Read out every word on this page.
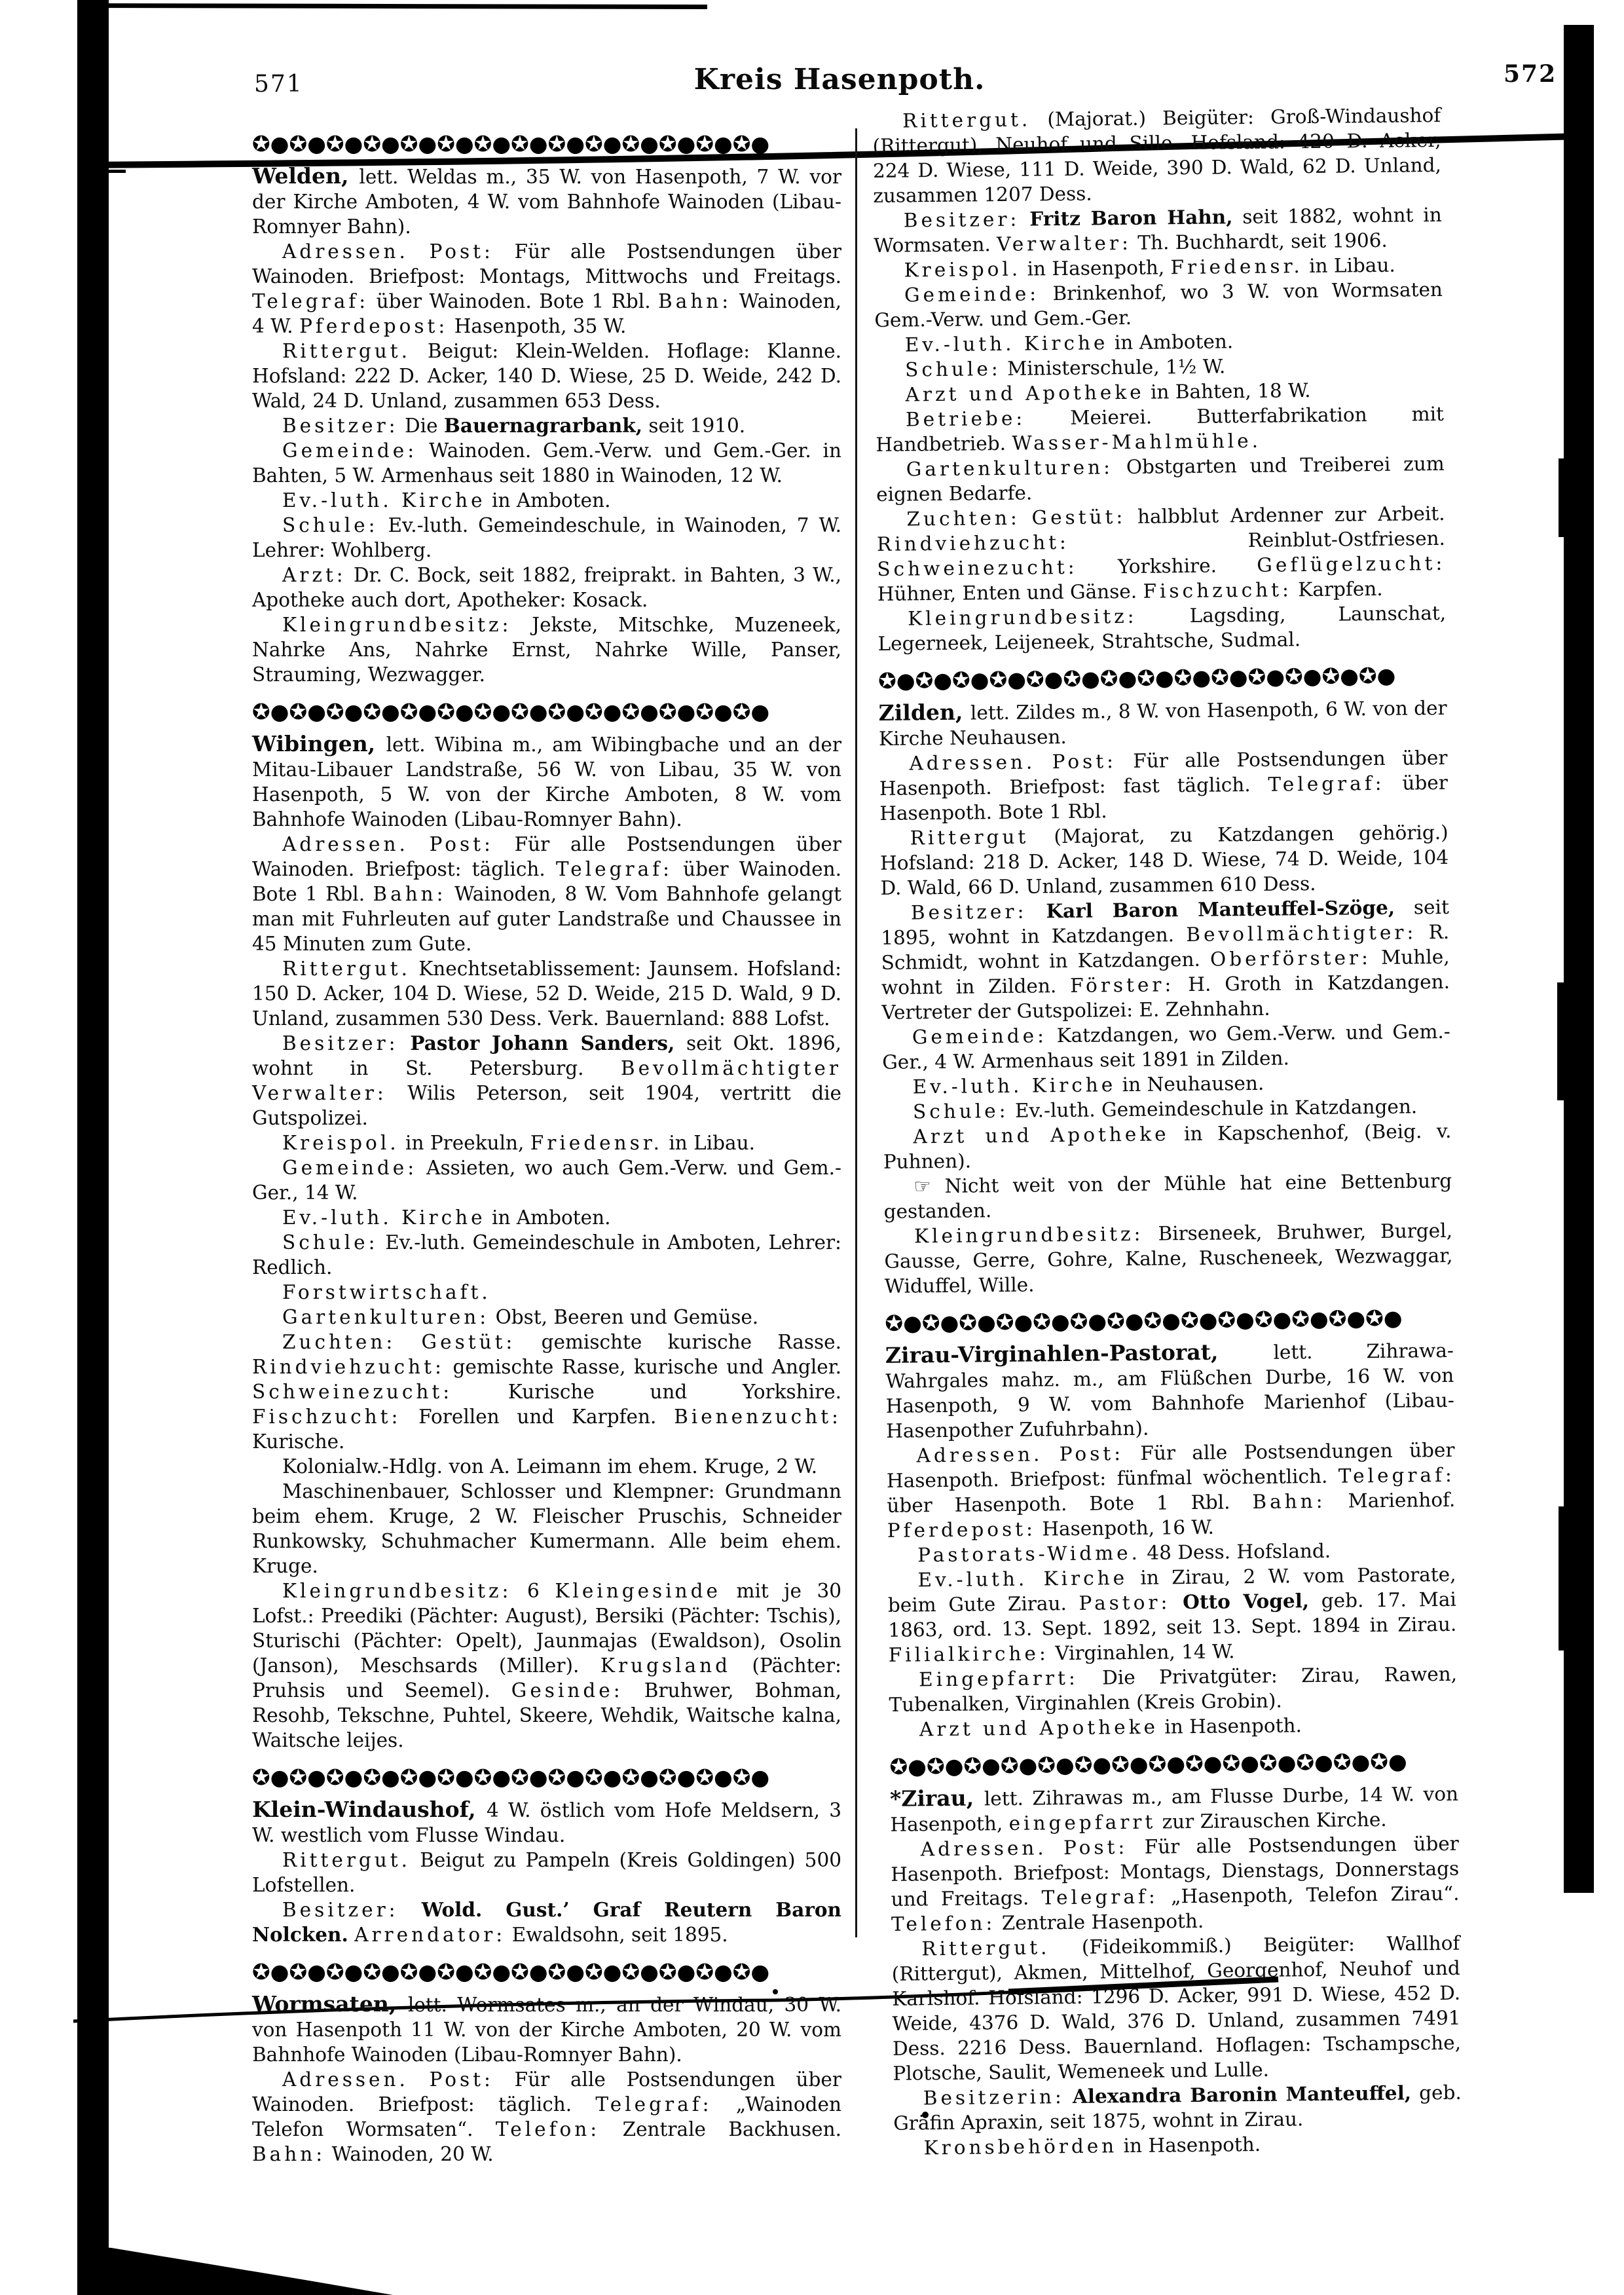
571	Kreis Hasenpoth.	572
✪●✪●✪●✪●✪●✪●✪●✪●✪●✪●✪●✪●✪●✪●

Welden, lett. Weldas m., 35 W. von Hasenpoth, 7 W. vor der Kirche Amboten, 4 W. vom Bahnhofe Wainoden (Libau-Romnyer Bahn).

Adressen. Post: Für alle Postsendungen über Wainoden. Briefpost: Montags, Mittwochs und Freitags. Telegraf: über Wainoden. Bote 1 Rbl. Bahn: Wainoden, 4 W. Pferdepost: Hasenpoth, 35 W.

Rittergut. Beigut: Klein-Welden. Hoflage: Klanne. Hofsland: 222 D. Acker, 140 D. Wiese, 25 D. Weide, 242 D. Wald, 24 D. Unland, zusammen 653 Dess.

Besitzer: Die Bauernagrarbank, seit 1910.

Gemeinde: Wainoden. Gem.-Verw. und Gem.-Ger. in Bahten, 5 W. Armenhaus seit 1880 in Wainoden, 12 W.

Ev.-luth. Kirche in Amboten.

Schule: Ev.-luth. Gemeindeschule, in Wainoden, 7 W. Lehrer: Wohlberg.

Arzt: Dr. C. Bock, seit 1882, freiprakt. in Bahten, 3 W., Apotheke auch dort, Apotheker: Kosack.

Kleingrundbesitz: Jekste, Mitschke, Muzeneek, Nahrke Ans, Nahrke Ernst, Nahrke Wille, Panser, Strauming, Wezwagger.

✪●✪●✪●✪●✪●✪●✪●✪●✪●✪●✪●✪●✪●✪●

Wibingen, lett. Wibina m., am Wibingbache und an der Mitau-Libauer Landstraße, 56 W. von Libau, 35 W. von Hasenpoth, 5 W. von der Kirche Amboten, 8 W. vom Bahnhofe Wainoden (Libau-Romnyer Bahn).

Adressen. Post: Für alle Postsendungen über Wainoden. Briefpost: täglich. Telegraf: über Wainoden. Bote 1 Rbl. Bahn: Wainoden, 8 W. Vom Bahnhofe gelangt man mit Fuhrleuten auf guter Landstraße und Chaussee in 45 Minuten zum Gute.

Rittergut. Knechtsetablissement: Jaunsem. Hofsland: 150 D. Acker, 104 D. Wiese, 52 D. Weide, 215 D. Wald, 9 D. Unland, zusammen 530 Dess. Verk. Bauernland: 888 Lofst.

Besitzer: Pastor Johann Sanders, seit Okt. 1896, wohnt in St. Petersburg. Bevollmächtigter Verwalter: Wilis Peterson, seit 1904, vertritt die Gutspolizei.

Kreispol. in Preekuln, Friedensr. in Libau.

Gemeinde: Assieten, wo auch Gem.-Verw. und Gem.-Ger., 14 W.

Ev.-luth. Kirche in Amboten.

Schule: Ev.-luth. Gemeindeschule in Amboten, Lehrer: Redlich.

Forstwirtschaft.

Gartenkulturen: Obst, Beeren und Gemüse.

Zuchten: Gestüt: gemischte kurische Rasse. Rindviehzucht: gemischte Rasse, kurische und Angler. Schweinezucht: Kurische und Yorkshire. Fischzucht: Forellen und Karpfen. Bienenzucht: Kurische.

Kolonialw.-Hdlg. von A. Leimann im ehem. Kruge, 2 W.

Maschinenbauer, Schlosser und Klempner: Grundmann beim ehem. Kruge, 2 W. Fleischer Pruschis, Schneider Runkowsky, Schuhmacher Kumermann. Alle beim ehem. Kruge.

Kleingrundbesitz: 6 Kleingesinde mit je 30 Lofst.: Preediki (Pächter: August), Bersiki (Pächter: Tschis), Sturischi (Pächter: Opelt), Jaunmajas (Ewaldson), Osolin (Janson), Meschsards (Miller). Krugsland (Pächter: Pruhsis und Seemel). Gesinde: Bruhwer, Bohman, Resohb, Tekschne, Puhtel, Skeere, Wehdik, Waitsche kalna, Waitsche leijes.

✪●✪●✪●✪●✪●✪●✪●✪●✪●✪●✪●✪●✪●✪●

Klein-Windaushof, 4 W. östlich vom Hofe Meldsern, 3 W. westlich vom Flusse Windau.

Rittergut. Beigut zu Pampeln (Kreis Goldingen) 500 Lofstellen.

Besitzer: Wold. Gust.’ Graf Reutern Baron Nolcken. Arrendator: Ewaldsohn, seit 1895.

✪●✪●✪●✪●✪●✪●✪●✪●✪●✪●✪●✪●✪●✪●

Wormsaten, lett. Wormsates m., an der Windau, 30 W. von Hasenpoth 11 W. von der Kirche Amboten, 20 W. vom Bahnhofe Wainoden (Libau-Romnyer Bahn).

Adressen. Post: Für alle Postsendungen über Wainoden. Briefpost: täglich. Telegraf: „Wainoden Telefon Wormsaten“. Telefon: Zentrale Backhusen. Bahn: Wainoden, 20 W.

Rittergut. (Majorat.) Beigüter: Groß-Windaushof (Rittergut), Neuhof und Sille. Hofsland: 420 D. Acker, 224 D. Wiese, 111 D. Weide, 390 D. Wald, 62 D. Unland, zusammen 1207 Dess.

Besitzer: Fritz Baron Hahn, seit 1882, wohnt in Wormsaten. Verwalter: Th. Buchhardt, seit 1906.

Kreispol. in Hasenpoth, Friedensr. in Libau.

Gemeinde: Brinkenhof, wo 3 W. von Wormsaten Gem.-Verw. und Gem.-Ger.

Ev.-luth. Kirche in Amboten.

Schule: Ministerschule, 1½ W.

Arzt und Apotheke in Bahten, 18 W.

Betriebe: Meierei. Butterfabrikation mit Handbetrieb. Wasser-Mahlmühle.

Gartenkulturen: Obstgarten und Treiberei zum eignen Bedarfe.

Zuchten: Gestüt: halbblut Ardenner zur Arbeit. Rindviehzucht: Reinblut-Ostfriesen. Schweinezucht: Yorkshire. Geflügelzucht: Hühner, Enten und Gänse. Fischzucht: Karpfen.

Kleingrundbesitz: Lagsding, Launschat, Legerneek, Leijeneek, Strahtsche, Sudmal.

✪●✪●✪●✪●✪●✪●✪●✪●✪●✪●✪●✪●✪●✪●

Zilden, lett. Zildes m., 8 W. von Hasenpoth, 6 W. von der Kirche Neuhausen.

Adressen. Post: Für alle Postsendungen über Hasenpoth. Briefpost: fast täglich. Telegraf: über Hasenpoth. Bote 1 Rbl.

Rittergut (Majorat, zu Katzdangen gehörig.) Hofsland: 218 D. Acker, 148 D. Wiese, 74 D. Weide, 104 D. Wald, 66 D. Unland, zusammen 610 Dess.

Besitzer: Karl Baron Manteuffel-Szöge, seit 1895, wohnt in Katzdangen. Bevollmächtigter: R. Schmidt, wohnt in Katzdangen. Oberförster: Muhle, wohnt in Zilden. Förster: H. Groth in Katzdangen. Vertreter der Gutspolizei: E. Zehnhahn.

Gemeinde: Katzdangen, wo Gem.-Verw. und Gem.-Ger., 4 W. Armenhaus seit 1891 in Zilden.

Ev.-luth. Kirche in Neuhausen.

Schule: Ev.-luth. Gemeindeschule in Katzdangen.

Arzt und Apotheke in Kapschenhof, (Beig. v. Puhnen).

☞ Nicht weit von der Mühle hat eine Bettenburg gestanden.

Kleingrundbesitz: Birseneek, Bruhwer, Burgel, Gausse, Gerre, Gohre, Kalne, Ruscheneek, Wezwaggar, Widuffel, Wille.

✪●✪●✪●✪●✪●✪●✪●✪●✪●✪●✪●✪●✪●✪●

Zirau-Virginahlen-Pastorat, lett. Zihrawa-Wahrgales mahz. m., am Flüßchen Durbe, 16 W. von Hasenpoth, 9 W. vom Bahnhofe Marienhof (Libau-Hasenpother Zufuhrbahn).

Adressen. Post: Für alle Postsendungen über Hasenpoth. Briefpost: fünfmal wöchentlich. Telegraf: über Hasenpoth. Bote 1 Rbl. Bahn: Marienhof. Pferdepost: Hasenpoth, 16 W.

Pastorats-Widme. 48 Dess. Hofsland.

Ev.-luth. Kirche in Zirau, 2 W. vom Pastorate, beim Gute Zirau. Pastor: Otto Vogel, geb. 17. Mai 1863, ord. 13. Sept. 1892, seit 13. Sept. 1894 in Zirau. Filialkirche: Virginahlen, 14 W.

Eingepfarrt: Die Privatgüter: Zirau, Rawen, Tubenalken, Virginahlen (Kreis Grobin).

Arzt und Apotheke in Hasenpoth.

✪●✪●✪●✪●✪●✪●✪●✪●✪●✪●✪●✪●✪●✪●

*Zirau, lett. Zihrawas m., am Flusse Durbe, 14 W. von Hasenpoth, eingepfarrt zur Zirauschen Kirche.

Adressen. Post: Für alle Postsendungen über Hasenpoth. Briefpost: Montags, Dienstags, Donnerstags und Freitags. Telegraf: „Hasenpoth, Telefon Zirau“. Telefon: Zentrale Hasenpoth.

Rittergut. (Fideikommiß.) Beigüter: Wallhof (Rittergut), Akmen, Mittelhof, Georgenhof, Neuhof und Karlshof. Hofsland: 1296 D. Acker, 991 D. Wiese, 452 D. Weide, 4376 D. Wald, 376 D. Unland, zusammen 7491 Dess. 2216 Dess. Bauernland. Hoflagen: Tschampsche, Plotsche, Saulit, Wemeneek und Lulle.

Besitzerin: Alexandra Baronin Manteuffel, geb. Gräfin Apraxin, seit 1875, wohnt in Zirau.

Kronsbehörden in Hasenpoth.
